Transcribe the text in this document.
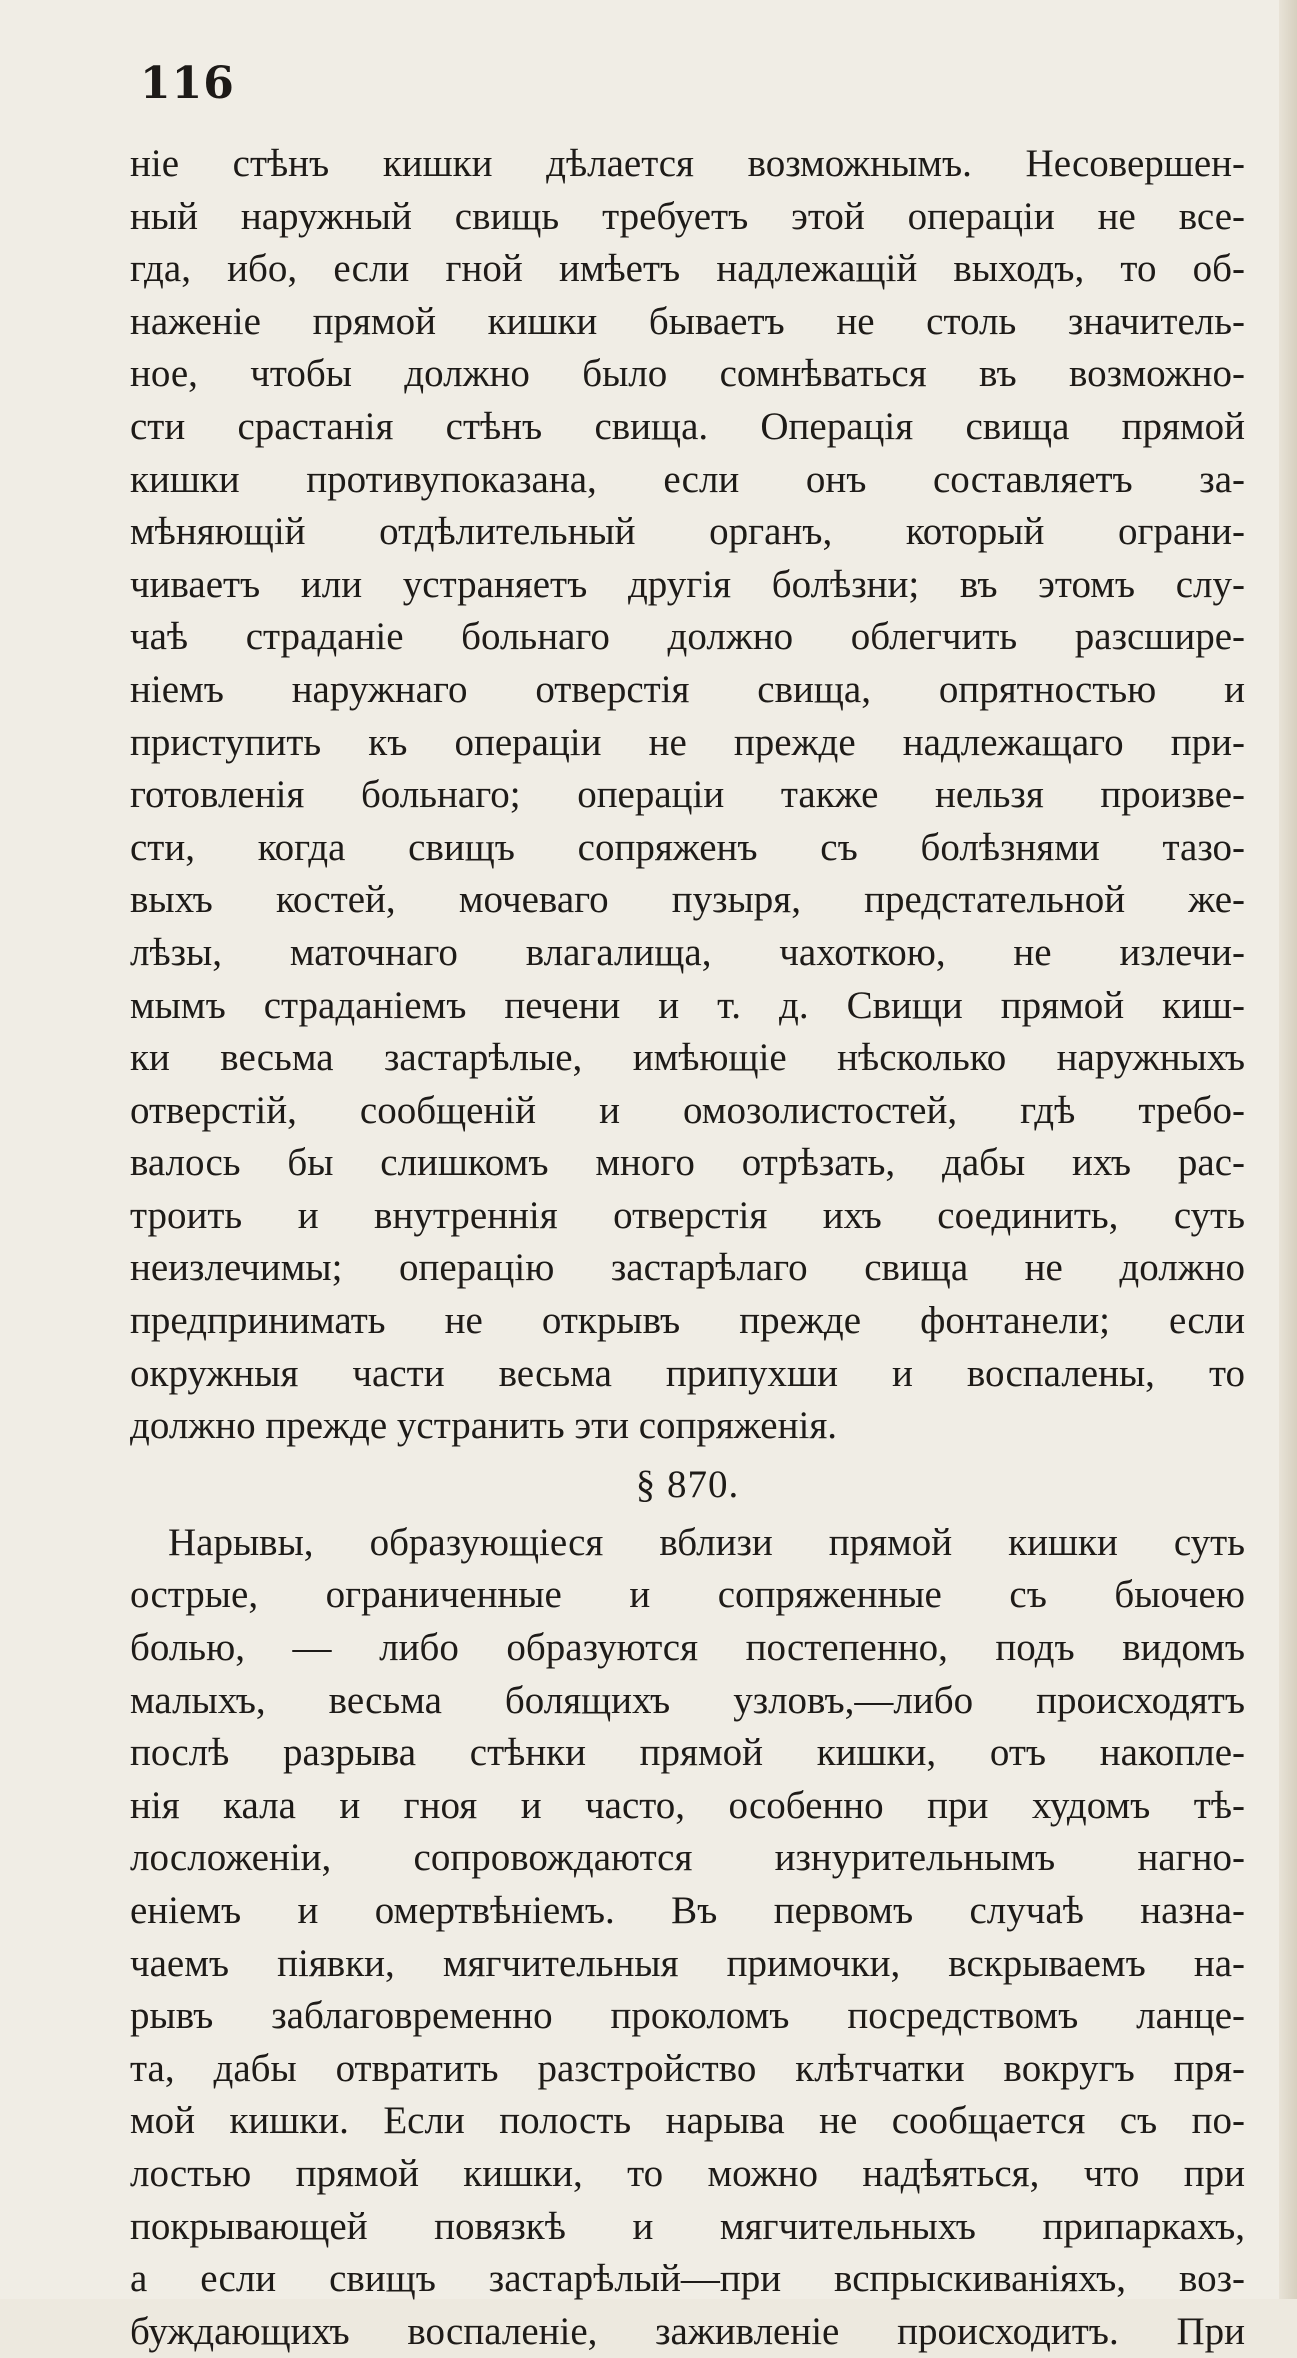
116
ніе стѣнъ кишки дѣлается возможнымъ. Несовершен-
ный наружный свищь требуетъ этой операціи не все-
гда, ибо, если гной имѣетъ надлежащій выходъ, то об-
наженіе прямой кишки бываетъ не столь значитель-
ное, чтобы должно было сомнѣваться въ возможно-
сти срастанія стѣнъ свища. Операція свища прямой
кишки противупоказана, если онъ составляетъ за-
мѣняющій отдѣлительный органъ, который ограни-
чиваетъ или устраняетъ другія болѣзни; въ этомъ слу-
чаѣ страданіе больнаго должно облегчить разсшире-
ніемъ наружнаго отверстія свища, опрятностью и
приступить къ операціи не прежде надлежащаго при-
готовленія больнаго; операціи также нельзя произве-
сти, когда свищъ сопряженъ съ болѣзнями тазо-
выхъ костей, мочеваго пузыря, предстательной же-
лѣзы, маточнаго влагалища, чахоткою, не излечи-
мымъ страданіемъ печени и т. д. Свищи прямой киш-
ки весьма застарѣлые, имѣющіе нѣсколько наружныхъ
отверстій, сообщеній и омозолистостей, гдѣ требо-
валось бы слишкомъ много отрѣзать, дабы ихъ рас-
троить и внутреннія отверстія ихъ соединить, суть
неизлечимы; операцію застарѣлаго свища не должно
предпринимать не открывъ прежде фонтанели; если
окружныя части весьма припухши и воспалены, то
должно прежде устранить эти сопряженія.
§ 870.
Нарывы, образующіеся вблизи прямой кишки суть
острые, ограниченные и сопряженные съ быочею
болью, — либо образуются постепенно, подъ видомъ
малыхъ, весьма болящихъ узловъ,—либо происходятъ
послѣ разрыва стѣнки прямой кишки, отъ накопле-
нія кала и гноя и часто, особенно при худомъ тѣ-
лосложеніи, сопровождаются изнурительнымъ нагно-
еніемъ и омертвѣніемъ. Въ первомъ случаѣ назна-
чаемъ піявки, мягчительныя примочки, вскрываемъ на-
рывъ заблаговременно проколомъ посредствомъ ланце-
та, дабы отвратить разстройство клѣтчатки вокругъ пря-
мой кишки. Если полость нарыва не сообщается съ по-
лостью прямой кишки, то можно надѣяться, что при
покрывающей повязкѣ и мягчительныхъ припаркахъ,
а если свищъ застарѣлый—при вспрыскиваніяхъ, воз-
буждающихъ воспаленіе, заживленіе происходитъ. При
